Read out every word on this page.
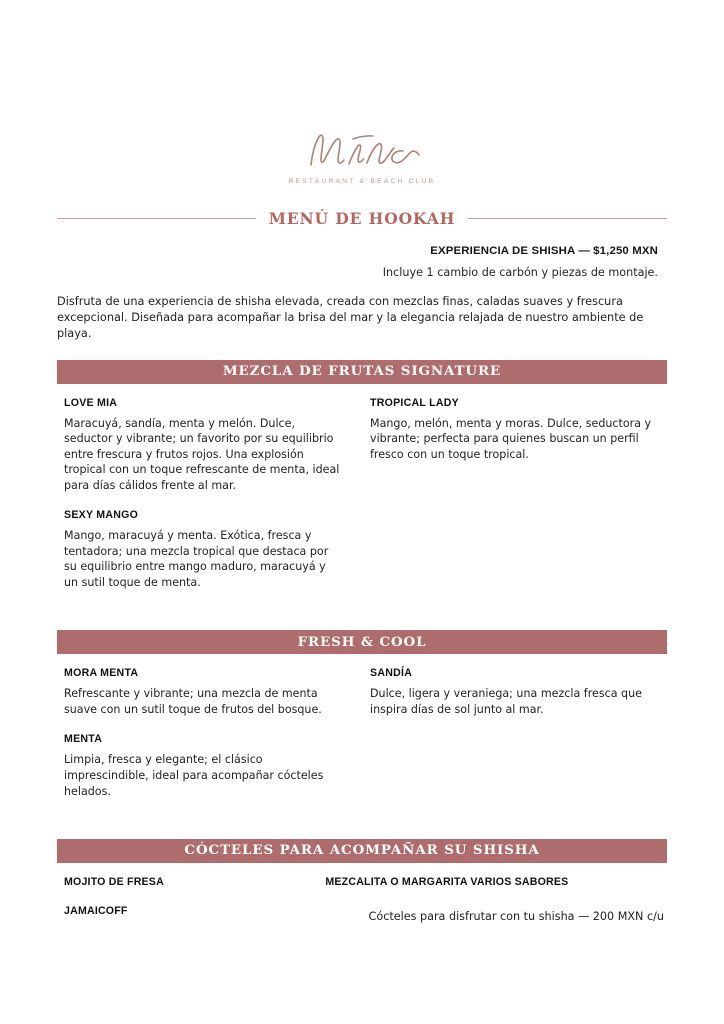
RESTAURANT & BEACH CLUB
MENÚ DE HOOKAH
EXPERIENCIA DE SHISHA — $1,250 MXN
Incluye 1 cambio de carbón y piezas de montaje.
Disfruta de una experiencia de shisha elevada, creada con mezclas finas, caladas suaves y frescura excepcional. Diseñada para acompañar la brisa del mar y la elegancia relajada de nuestro ambiente de playa.
MEZCLA DE FRUTAS SIGNATURE
LOVE MIA
Maracuyá, sandía, menta y melón. Dulce, seductor y vibrante; un favorito por su equilibrio entre frescura y frutos rojos. Una explosión tropical con un toque refrescante de menta, ideal para días cálidos frente al mar.
SEXY MANGO
Mango, maracuyá y menta. Exótica, fresca y tentadora; una mezcla tropical que destaca por su equilibrio entre mango maduro, maracuyá y un sutil toque de menta.
TROPICAL LADY
Mango, melón, menta y moras. Dulce, seductora y vibrante; perfecta para quienes buscan un perfil fresco con un toque tropical.
FRESH & COOL
MORA MENTA
Refrescante y vibrante; una mezcla de menta suave con un sutil toque de frutos del bosque.
MENTA
Limpia, fresca y elegante; el clásico imprescindible, ideal para acompañar cócteles helados.
SANDÍA
Dulce, ligera y veraniega; una mezcla fresca que inspira días de sol junto al mar.
CÓCTELES PARA ACOMPAÑAR SU SHISHA
MOJITO DE FRESA
JAMAICOFF
MEZCALITA O MARGARITA VARIOS SABORES
Cócteles para disfrutar con tu shisha — 200 MXN c/u
